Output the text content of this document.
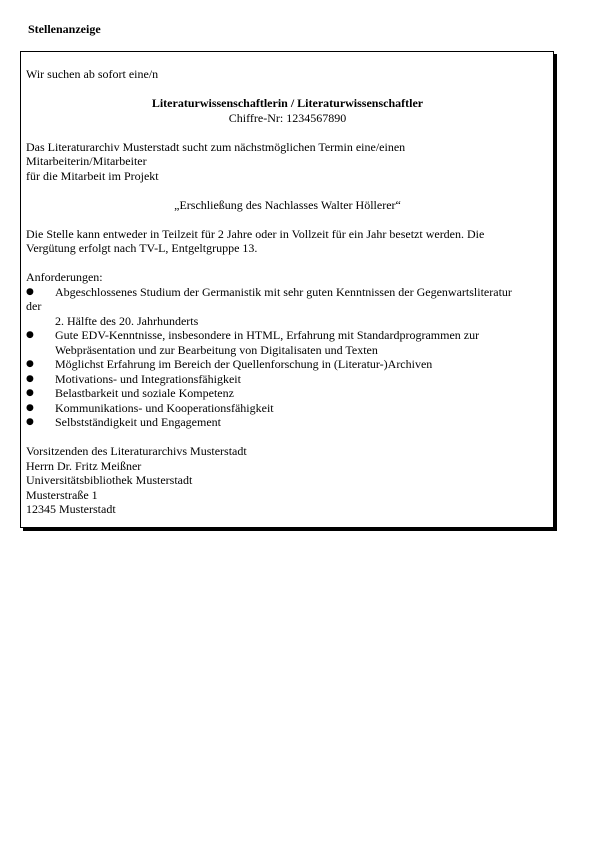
Stellenanzeige
Wir suchen ab sofort eine/n
Literaturwissenschaftlerin / Literaturwissenschaftler
Chiffre-Nr: 1234567890
Das Literaturarchiv Musterstadt sucht zum nächstmöglichen Termin eine/einen
Mitarbeiterin/Mitarbeiter
für die Mitarbeit im Projekt
„Erschließung des Nachlasses Walter Höllerer“
Die Stelle kann entweder in Teilzeit für 2 Jahre oder in Vollzeit für ein Jahr besetzt werden. Die
Vergütung erfolgt nach TV-L, Entgeltgruppe 13.
Anforderungen:
● Abgeschlossenes Studium der Germanistik mit sehr guten Kenntnissen der Gegenwartsliteratur
der
2. Hälfte des 20. Jahrhunderts
● Gute EDV-Kenntnisse, insbesondere in HTML, Erfahrung mit Standardprogrammen zur
Webpräsentation und zur Bearbeitung von Digitalisaten und Texten
● Möglichst Erfahrung im Bereich der Quellenforschung in (Literatur-)Archiven
● Motivations- und Integrationsfähigkeit
● Belastbarkeit und soziale Kompetenz
● Kommunikations- und Kooperationsfähigkeit
● Selbstständigkeit und Engagement
Vorsitzenden des Literaturarchivs Musterstadt
Herrn Dr. Fritz Meißner
Universitätsbibliothek Musterstadt
Musterstraße 1
12345 Musterstadt
